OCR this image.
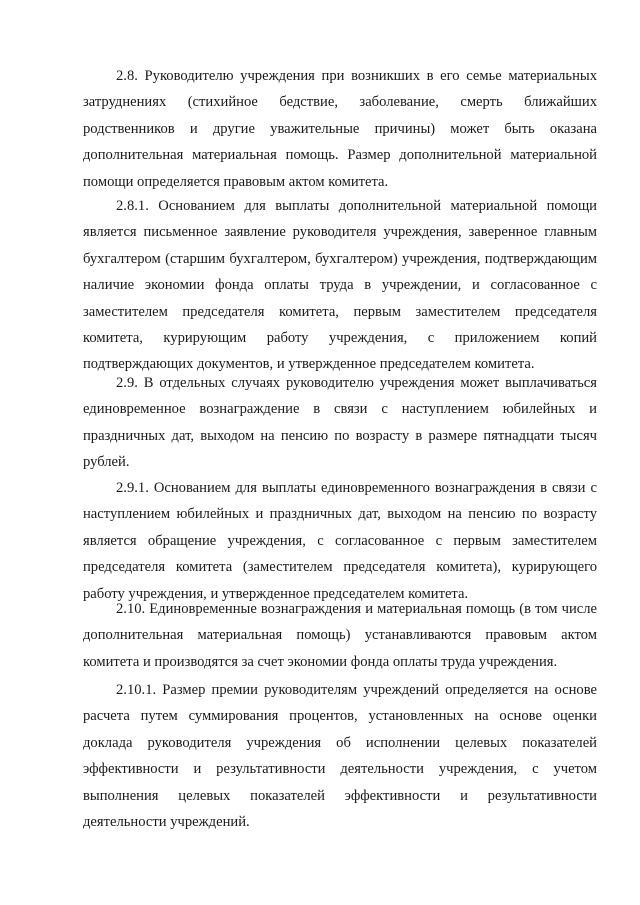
2.8. Руководителю учреждения при возникших в его семье материальных затруднениях (стихийное бедствие, заболевание, смерть ближайших родственников и другие уважительные причины) может быть оказана дополнительная материальная помощь. Размер дополнительной материальной помощи определяется правовым актом комитета.

2.8.1. Основанием для выплаты дополнительной материальной помощи является письменное заявление руководителя учреждения, заверенное главным бухгалтером (старшим бухгалтером, бухгалтером) учреждения, подтверждающим наличие экономии фонда оплаты труда в учреждении, и согласованное с заместителем председателя комитета, первым заместителем председателя комитета, курирующим работу учреждения, с приложением копий подтверждающих документов, и утвержденное председателем комитета.

2.9. В отдельных случаях руководителю учреждения может выплачиваться единовременное вознаграждение в связи с наступлением юбилейных и праздничных дат, выходом на пенсию по возрасту в размере пятнадцати тысяч рублей.

2.9.1. Основанием для выплаты единовременного вознаграждения в связи с наступлением юбилейных и праздничных дат, выходом на пенсию по возрасту является обращение учреждения, с согласованное с первым заместителем председателя комитета (заместителем председателя комитета), курирующего работу учреждения, и утвержденное председателем комитета.

2.10. Единовременные вознаграждения и материальная помощь (в том числе дополнительная материальная помощь) устанавливаются правовым актом комитета и производятся за счет экономии фонда оплаты труда учреждения.

2.10.1. Размер премии руководителям учреждений определяется на основе расчета путем суммирования процентов, установленных на основе оценки доклада руководителя учреждения об исполнении целевых показателей эффективности и результативности деятельности учреждения, с учетом выполнения целевых показателей эффективности и результативности деятельности учреждений.
